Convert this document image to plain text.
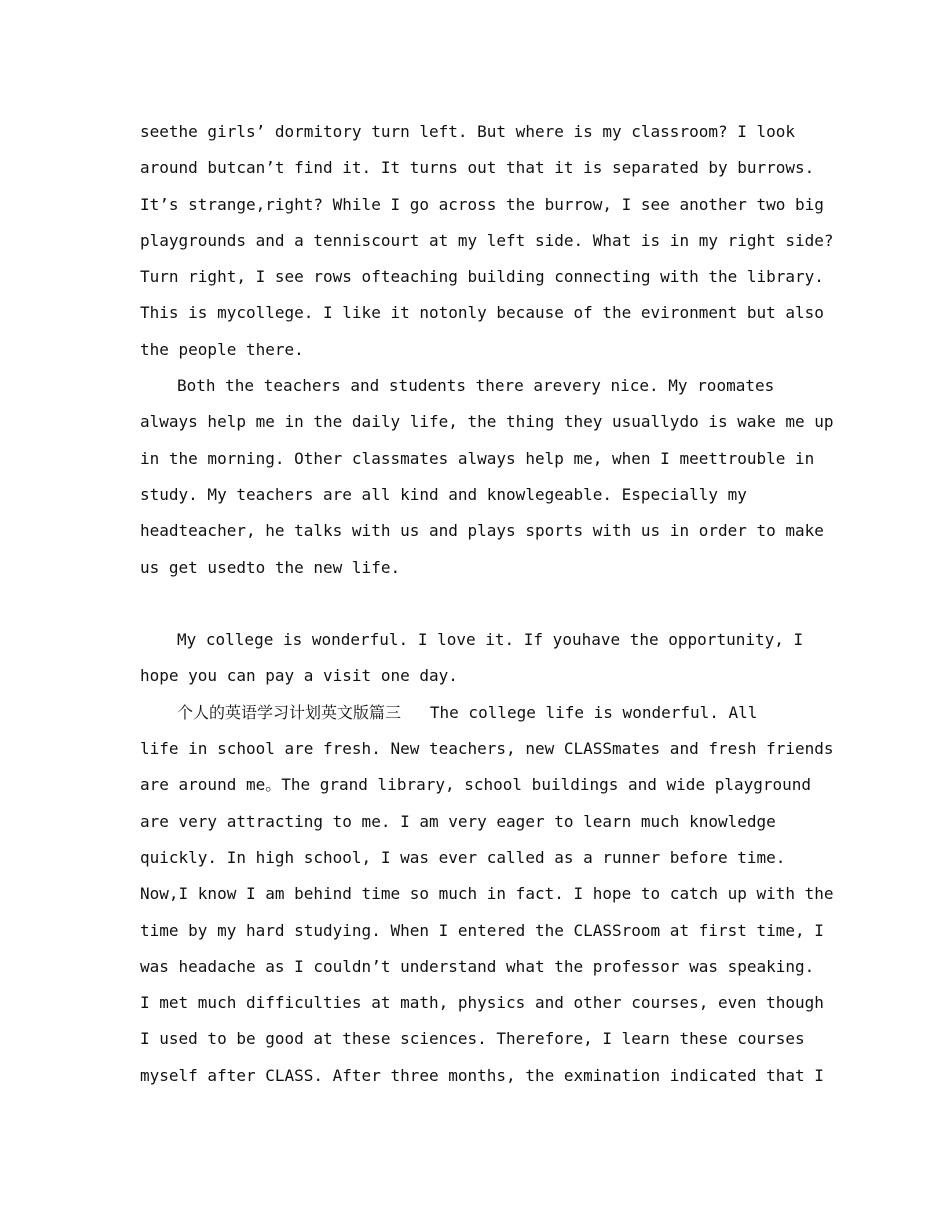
seethe girls’ dormitory turn left. But where is my classroom? I look
around butcan’t find it. It turns out that it is separated by burrows.
It’s strange,right? While I go across the burrow, I see another two big
playgrounds and a tenniscourt at my left side. What is in my right side?
Turn right, I see rows ofteaching building connecting with the library.
This is mycollege. I like it notonly because of the evironment but also
the people there.
Both the teachers and students there arevery nice. My roomates
always help me in the daily life, the thing they usuallydo is wake me up
in the morning. Other classmates always help me, when I meettrouble in
study. My teachers are all kind and knowlegeable. Especially my
headteacher, he talks with us and plays sports with us in order to make
us get usedto the new life.
My college is wonderful. I love it. If youhave the opportunity, I
hope you can pay a visit one day.
个人的英语学习计划英文版篇三   The college life is wonderful. All
life in school are fresh. New teachers, new CLASSmates and fresh friends
are around me。The grand library, school buildings and wide playground
are very attracting to me. I am very eager to learn much knowledge
quickly. In high school, I was ever called as a runner before time.
Now,I know I am behind time so much in fact. I hope to catch up with the
time by my hard studying. When I entered the CLASSroom at first time, I
was headache as I couldn’t understand what the professor was speaking.
I met much difficulties at math, physics and other courses, even though
I used to be good at these sciences. Therefore, I learn these courses
myself after CLASS. After three months, the exmination indicated that I
